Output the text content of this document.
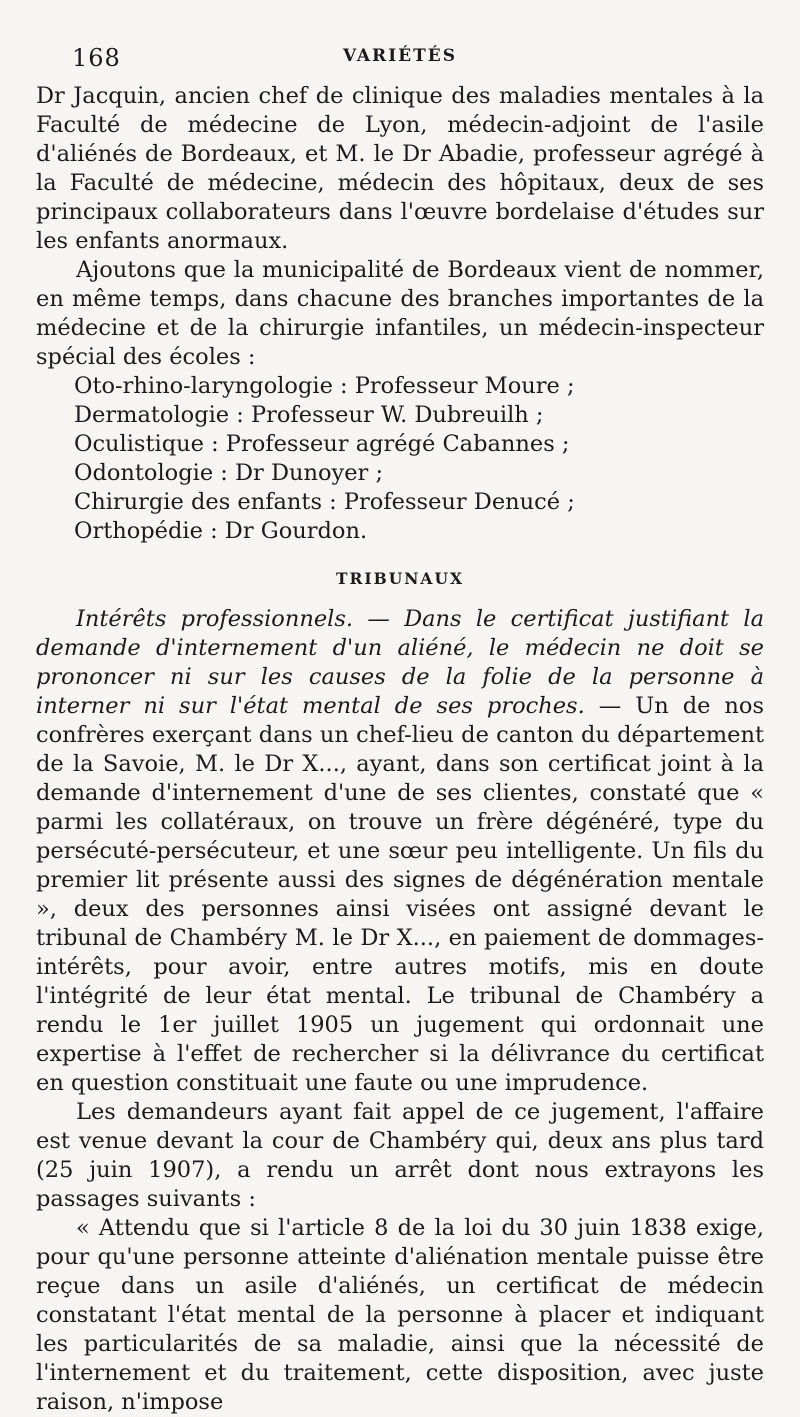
168	VARIÉTÉS

Dr Jacquin, ancien chef de clinique des maladies mentales à la Faculté de médecine de Lyon, médecin-adjoint de l'asile d'aliénés de Bordeaux, et M. le Dr Abadie, professeur agrégé à la Faculté de médecine, médecin des hôpitaux, deux de ses principaux collaborateurs dans l'œuvre bordelaise d'études sur les enfants anormaux.

Ajoutons que la municipalité de Bordeaux vient de nommer, en même temps, dans chacune des branches importantes de la médecine et de la chirurgie infantiles, un médecin-inspecteur spécial des écoles :

Oto-rhino-laryngologie : Professeur Moure ;
Dermatologie : Professeur W. Dubreuilh ;
Oculistique : Professeur agrégé Cabannes ;
Odontologie : Dr Dunoyer ;
Chirurgie des enfants : Professeur Denucé ;
Orthopédie : Dr Gourdon.
TRIBUNAUX

Intérêts professionnels. — Dans le certificat justifiant la demande d'internement d'un aliéné, le médecin ne doit se prononcer ni sur les causes de la folie de la personne à interner ni sur l'état mental de ses proches. — Un de nos confrères exerçant dans un chef-lieu de canton du département de la Savoie, M. le Dr X..., ayant, dans son certificat joint à la demande d'internement d'une de ses clientes, constaté que « parmi les collatéraux, on trouve un frère dégénéré, type du persécuté-persécuteur, et une sœur peu intelligente. Un fils du premier lit présente aussi des signes de dégénération mentale », deux des personnes ainsi visées ont assigné devant le tribunal de Chambéry M. le Dr X..., en paiement de dommages-intérêts, pour avoir, entre autres motifs, mis en doute l'intégrité de leur état mental. Le tribunal de Chambéry a rendu le 1er juillet 1905 un jugement qui ordonnait une expertise à l'effet de rechercher si la délivrance du certificat en question constituait une faute ou une imprudence.

Les demandeurs ayant fait appel de ce jugement, l'affaire est venue devant la cour de Chambéry qui, deux ans plus tard (25 juin 1907), a rendu un arrêt dont nous extrayons les passages suivants :

« Attendu que si l'article 8 de la loi du 30 juin 1838 exige, pour qu'une personne atteinte d'aliénation mentale puisse être reçue dans un asile d'aliénés, un certificat de médecin constatant l'état mental de la personne à placer et indiquant les particularités de sa maladie, ainsi que la nécessité de l'internement et du traitement, cette disposition, avec juste raison, n'impose
